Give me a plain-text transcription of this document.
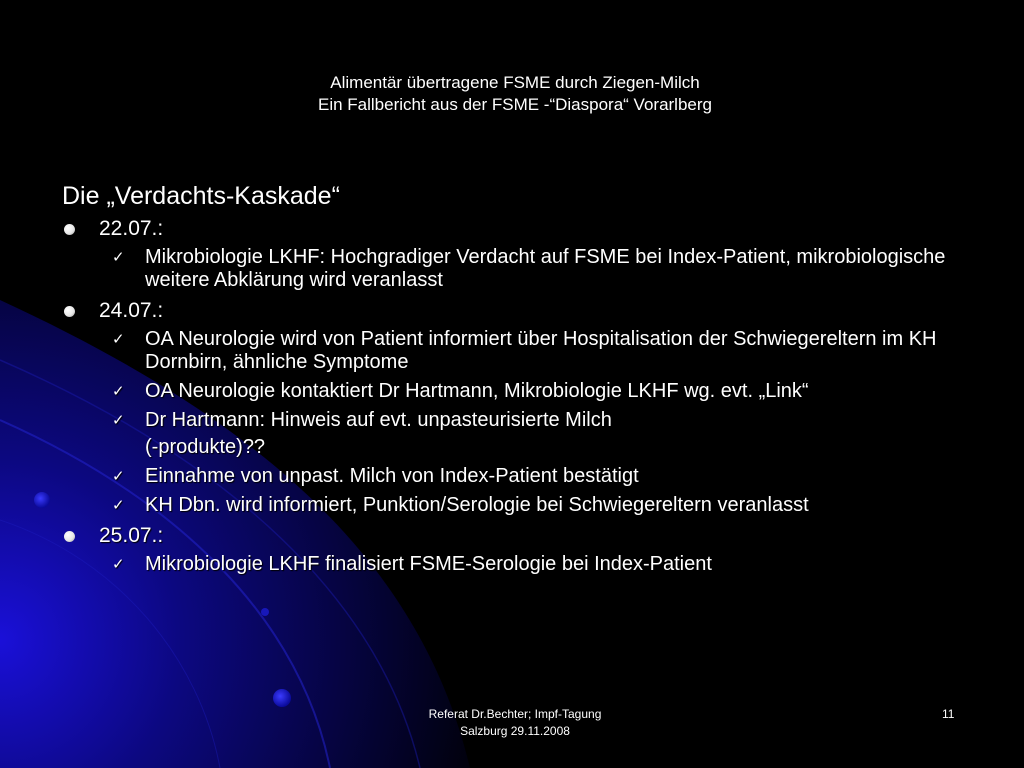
Alimentär übertragene FSME durch Ziegen-Milch
Ein Fallbericht aus der FSME -“Diaspora“ Vorarlberg
Die „Verdachts-Kaskade“
22.07.:
✓ Mikrobiologie LKHF: Hochgradiger Verdacht auf FSME bei Index-Patient, mikrobiologische weitere Abklärung wird veranlasst
24.07.:
✓ OA Neurologie wird von Patient informiert über Hospitalisation der Schwiegereltern im KH Dornbirn, ähnliche Symptome
✓ OA Neurologie kontaktiert Dr Hartmann, Mikrobiologie LKHF wg. evt. „Link“
✓ Dr Hartmann: Hinweis auf evt. unpasteurisierte Milch
(-produkte)??
✓ Einnahme von unpast. Milch von Index-Patient bestätigt
✓ KH Dbn. wird informiert, Punktion/Serologie bei Schwiegereltern veranlasst
25.07.:
✓ Mikrobiologie LKHF finalisiert FSME-Serologie bei Index-Patient
Referat Dr.Bechter; Impf-Tagung
Salzburg 29.11.2008
11
